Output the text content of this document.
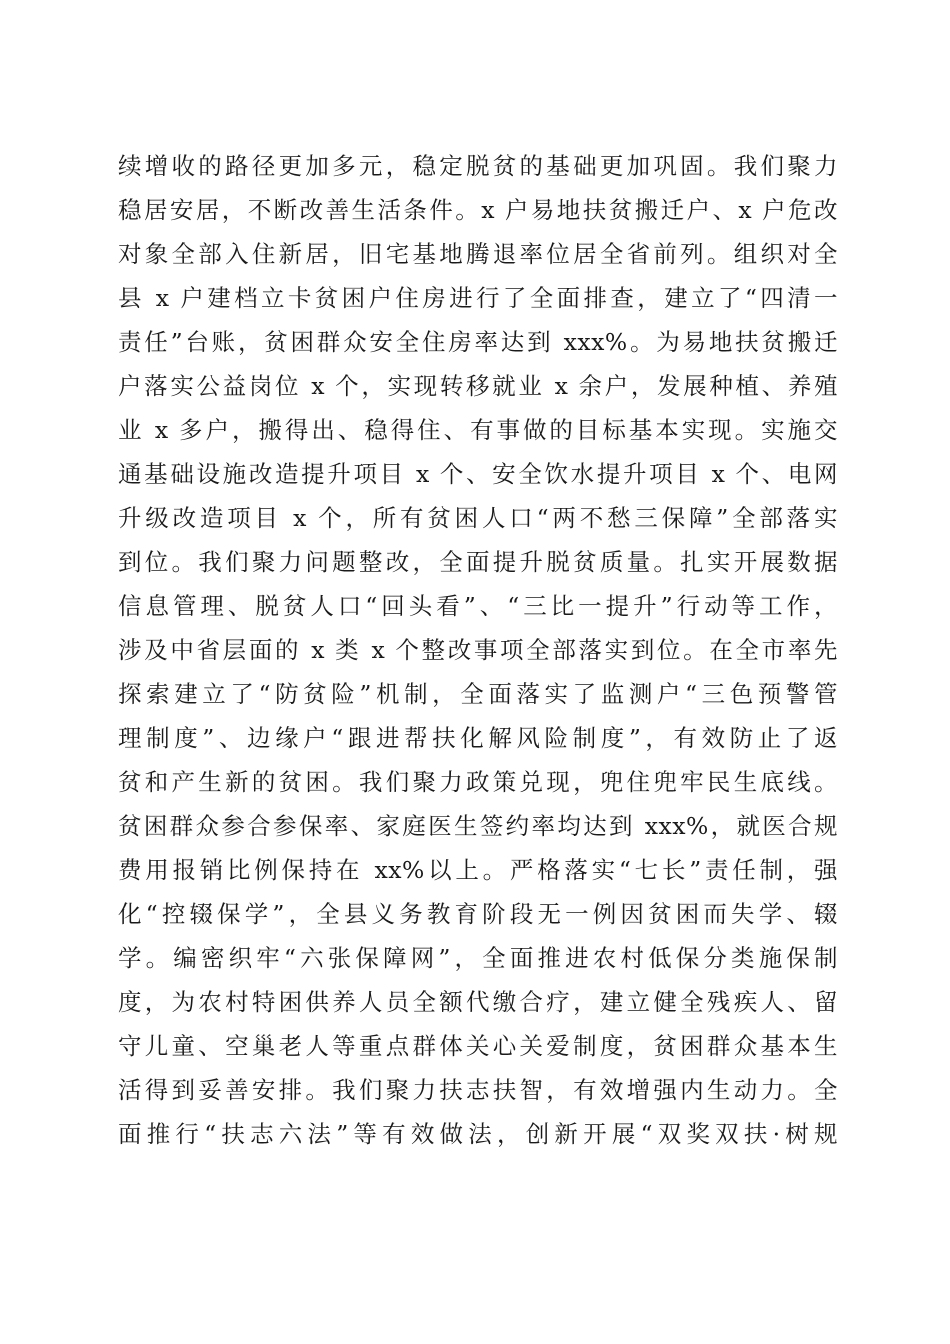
续增收的路径更加多元，稳定脱贫的基础更加巩固。我们聚力
稳居安居，不断改善生活条件。x 户易地扶贫搬迁户、x 户危改
对象全部入住新居，旧宅基地腾退率位居全省前列。组织对全
县 x 户建档立卡贫困户住房进行了全面排查，建立了“四清一
责任”台账，贫困群众安全住房率达到 xxx%。为易地扶贫搬迁
户落实公益岗位 x 个，实现转移就业 x 余户，发展种植、养殖
业 x 多户，搬得出、稳得住、有事做的目标基本实现。实施交
通基础设施改造提升项目 x 个、安全饮水提升项目 x 个、电网
升级改造项目 x 个，所有贫困人口“两不愁三保障”全部落实
到位。我们聚力问题整改，全面提升脱贫质量。扎实开展数据
信息管理、脱贫人口“回头看”、“三比一提升”行动等工作，
涉及中省层面的 x 类 x 个整改事项全部落实到位。在全市率先
探索建立了“防贫险”机制，全面落实了监测户“三色预警管
理制度”、边缘户“跟进帮扶化解风险制度”，有效防止了返
贫和产生新的贫困。我们聚力政策兑现，兜住兜牢民生底线。
贫困群众参合参保率、家庭医生签约率均达到 xxx%，就医合规
费用报销比例保持在 xx%以上。严格落实“七长”责任制，强
化“控辍保学”，全县义务教育阶段无一例因贫困而失学、辍
学。编密织牢“六张保障网”，全面推进农村低保分类施保制
度，为农村特困供养人员全额代缴合疗，建立健全残疾人、留
守儿童、空巢老人等重点群体关心关爱制度，贫困群众基本生
活得到妥善安排。我们聚力扶志扶智，有效增强内生动力。全
面推行“扶志六法”等有效做法，创新开展“双奖双扶·树规
